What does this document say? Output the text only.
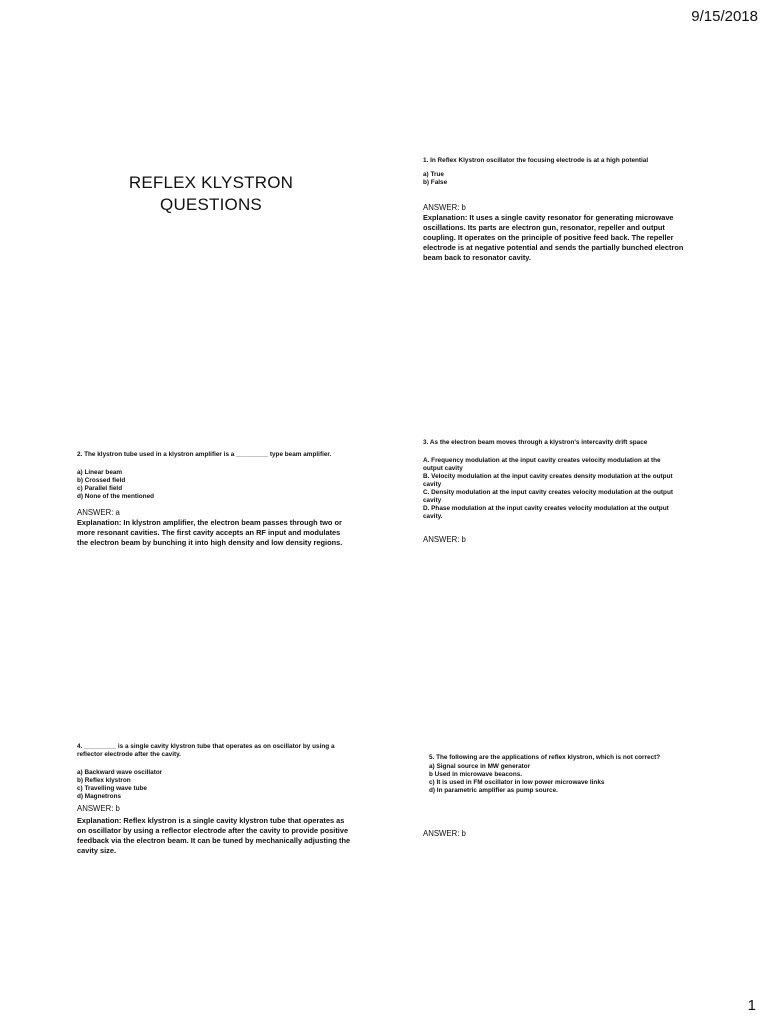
9/15/2018
REFLEX KLYSTRON
QUESTIONS

1. In Reflex Klystron oscillator the focusing electrode is at a high potential

a) True
b) False

ANSWER: b

Explanation: It uses a single cavity resonator for generating microwave oscillations. Its parts are electron gun, resonator, repeller and output coupling. It operates on the principle of positive feed back. The repeller electrode is at negative potential and sends the partially bunched electron beam back to resonator cavity.

2. The klystron tube used in a klystron amplifier is a _________ type beam amplifier.

a) Linear beam
b) Crossed field
c) Parallel field
d) None of the mentioned

ANSWER: a

Explanation: In klystron amplifier, the electron beam passes through two or more resonant cavities. The first cavity accepts an RF input and modulates the electron beam by bunching it into high density and low density regions.

3. As the electron beam moves through a klystron's intercavity drift space

A. Frequency modulation at the input cavity creates velocity modulation at the output cavity
B. Velocity modulation at the input cavity creates density modulation at the output cavity
C. Density modulation at the input cavity creates velocity modulation at the output cavity
D. Phase modulation at the input cavity creates velocity modulation at the output cavity.

ANSWER: b

4. _________ is a single cavity klystron tube that operates as on oscillator by using a reflector electrode after the cavity.

a) Backward wave oscillator
b) Reflex klystron
c) Travelling wave tube
d) Magnetrons

ANSWER: b

Explanation: Reflex klystron is a single cavity klystron tube that operates as on oscillator by using a reflector electrode after the cavity to provide positive feedback via the electron beam. It can be tuned by mechanically adjusting the cavity size.

5. The following are the applications of reflex klystron, which is not correct?

a) Signal source in MW generator
b Used in microwave beacons.
c) It is used in FM oscillator in low power microwave links
d) In parametric amplifier as pump source.

ANSWER: b

1
